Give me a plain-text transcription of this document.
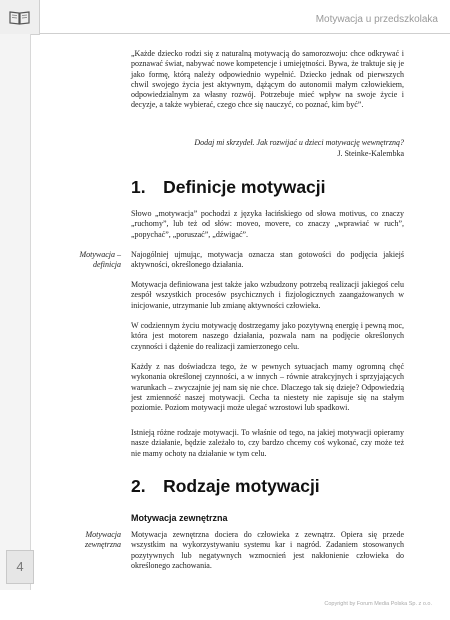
Motywacja u przedszkolaka
4

„Każde dziecko rodzi się z naturalną motywacją do samorozwoju: chce odkrywać i poznawać świat, nabywać nowe kompetencje i umiejętności. Bywa, że traktuje się je jako formę, którą należy odpowiednio wypełnić. Dziecko jednak od pierwszych chwil swojego życia jest aktywnym, dążącym do autonomii małym człowiekiem, odpowiedzialnym za własny rozwój. Potrzebuje mieć wpływ na swoje życie i decyzje, a także wybierać, czego chce się nauczyć, co poznać, kim być”.

Dodaj mi skrzydeł. Jak rozwijać u dzieci motywację wewnętrzną?

J. Steinke-Kalembka

1. Definicje motywacji

Słowo „motywacja” pochodzi z języka łacińskiego od słowa motivus, co znaczy „ruchomy”, lub też od słów: moveo, movere, co znaczy „wprawiać w ruch”, „popychać”, „poruszać”, „dźwigać”.

Motywacja – definicja

Najogólniej ujmując, motywacja oznacza stan gotowości do podjęcia jakiejś aktywności, określonego działania.

Motywacja definiowana jest także jako wzbudzony potrzebą realizacji jakiegoś celu zespół wszystkich procesów psychicznych i fizjologicznych zaangażowanych w inicjowanie, utrzymanie lub zmianę aktywności człowieka.

W codziennym życiu motywację dostrzegamy jako pozytywną energię i pewną moc, która jest motorem naszego działania, pozwala nam na podjęcie określonych czynności i dążenie do realizacji zamierzonego celu.

Każdy z nas doświadcza tego, że w pewnych sytuacjach mamy ogromną chęć wykonania określonej czynności, a w innych – równie atrakcyjnych i sprzyjających warunkach – zwyczajnie jej nam się nie chce. Dlaczego tak się dzieje? Odpowiedzią jest zmienność naszej motywacji. Cecha ta niestety nie zapisuje się na stałym poziomie. Poziom motywacji może ulegać wzrostowi lub spadkowi.

Istnieją różne rodzaje motywacji. To właśnie od tego, na jakiej motywacji opieramy nasze działanie, będzie zależało to, czy bardzo chcemy coś wykonać, czy może też nie mamy ochoty na działanie w tym celu.

2. Rodzaje motywacji
Motywacja zewnętrzna
Motywacja zewnętrzna

Motywacja zewnętrzna dociera do człowieka z zewnątrz. Opiera się przede wszystkim na wykorzystywaniu systemu kar i nagród. Zadaniem stosowanych pozytywnych lub negatywnych wzmocnień jest nakłonienie człowieka do określonego zachowania.

Copyright by Forum Media Polska Sp. z o.o.
